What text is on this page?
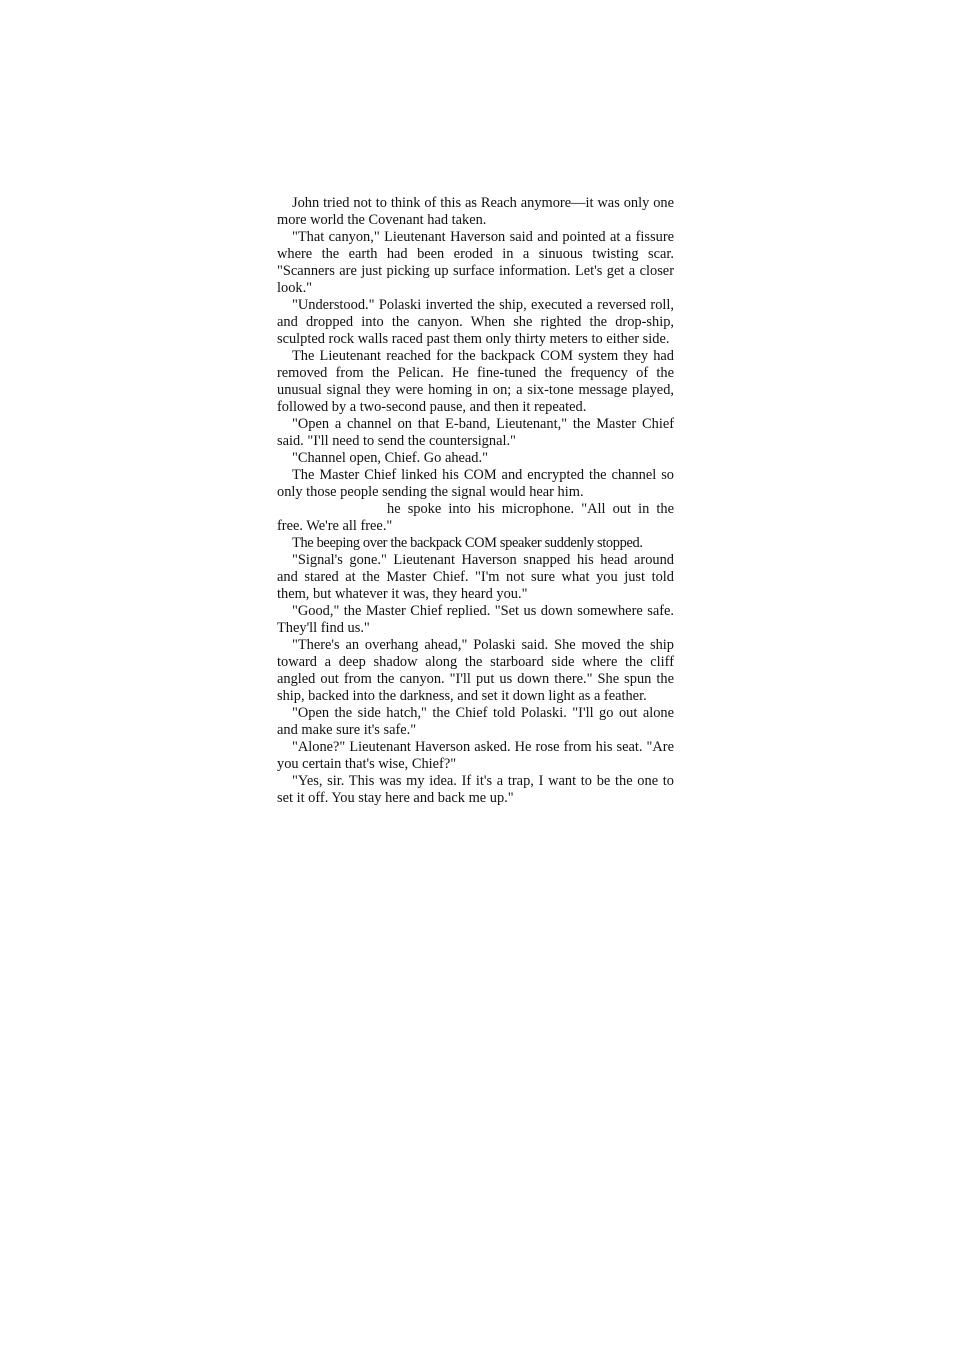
John tried not to think of this as Reach anymore—it was only one more world the Covenant had taken.

"That canyon," Lieutenant Haverson said and pointed at a fissure where the earth had been eroded in a sinuous twisting scar. "Scanners are just picking up surface information. Let's get a closer look."

"Understood." Polaski inverted the ship, executed a reversed roll, and dropped into the canyon. When she righted the drop-ship, sculpted rock walls raced past them only thirty meters to either side.

The Lieutenant reached for the backpack COM system they had removed from the Pelican. He fine-tuned the frequency of the unusual signal they were homing in on; a six-tone message played, followed by a two-second pause, and then it repeated.

"Open a channel on that E-band, Lieutenant," the Master Chief said. "I'll need to send the countersignal."

"Channel open, Chief. Go ahead."

The Master Chief linked his COM and encrypted the channel so only those people sending the signal would hear him.

he spoke into his microphone. "All out in the free. We're all free."

The beeping over the backpack COM speaker suddenly stopped.

"Signal's gone." Lieutenant Haverson snapped his head around and stared at the Master Chief. "I'm not sure what you just told them, but whatever it was, they heard you."

"Good," the Master Chief replied. "Set us down somewhere safe. They'll find us."

"There's an overhang ahead," Polaski said. She moved the ship toward a deep shadow along the starboard side where the cliff angled out from the canyon. "I'll put us down there." She spun the ship, backed into the darkness, and set it down light as a feather.

"Open the side hatch," the Chief told Polaski. "I'll go out alone and make sure it's safe."

"Alone?" Lieutenant Haverson asked. He rose from his seat. "Are you certain that's wise, Chief?"

"Yes, sir. This was my idea. If it's a trap, I want to be the one to set it off. You stay here and back me up."
